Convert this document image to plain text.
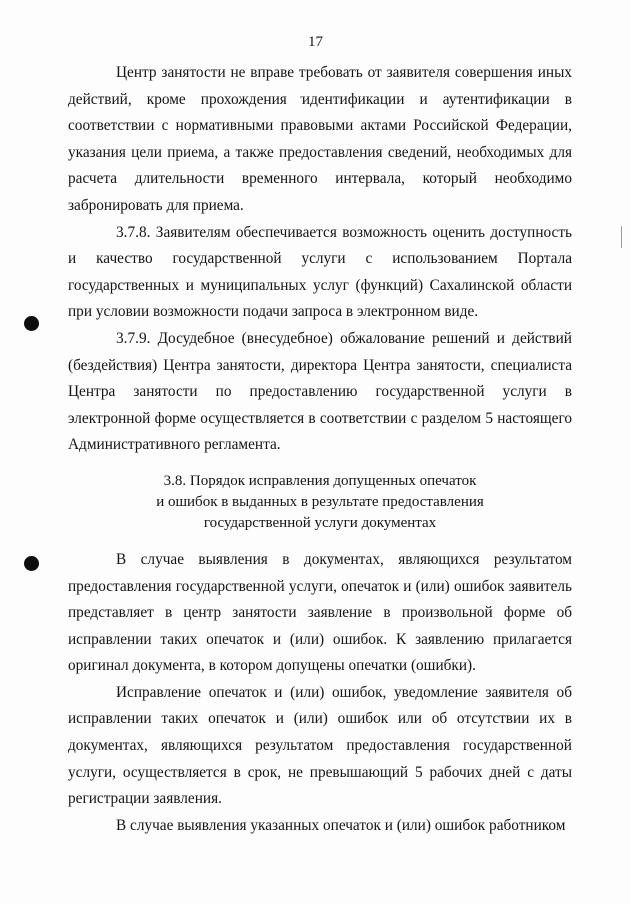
17

Центр занятости не вправе требовать от заявителя совершения иных действий, кроме прохождения идентификации и аутентификации в соответствии с нормативными правовыми актами Российской Федерации, указания цели приема, а также предоставления сведений, необходимых для расчета длительности временного интервала, который необходимо забронировать для приема.

3.7.8. Заявителям обеспечивается возможность оценить доступность и качество государственной услуги с использованием Портала государственных и муниципальных услуг (функций) Сахалинской области при условии возможности подачи запроса в электронном виде.

3.7.9. Досудебное (внесудебное) обжалование решений и действий (бездействия) Центра занятости, директора Центра занятости, специалиста Центра занятости по предоставлению государственной услуги в электронной форме осуществляется в соответствии с разделом 5 настоящего Административного регламента.

3.8. Порядок исправления допущенных опечаток
и ошибок в выданных в результате предоставления
государственной услуги документах

В случае выявления в документах, являющихся результатом предоставления государственной услуги, опечаток и (или) ошибок заявитель представляет в центр занятости заявление в произвольной форме об исправлении таких опечаток и (или) ошибок. К заявлению прилагается оригинал документа, в котором допущены опечатки (ошибки).

Исправление опечаток и (или) ошибок, уведомление заявителя об исправлении таких опечаток и (или) ошибок или об отсутствии их в документах, являющихся результатом предоставления государственной услуги, осуществляется в срок, не превышающий 5 рабочих дней с даты регистрации заявления.

В случае выявления указанных опечаток и (или) ошибок работником
